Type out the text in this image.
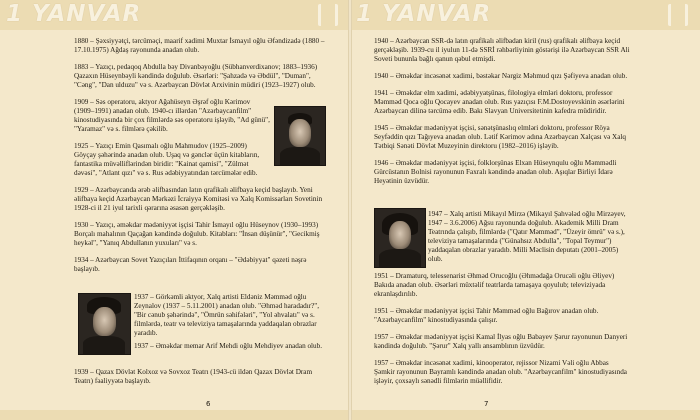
1 YANVAR

1880 – Şəxsiyyətçi, tərcüməçi, maarif xadimi Muxtar İsmayıl oğlu Əfəndizadə (1880 – 17.10.1975) Ağdaş rayonunda anadan olub.

1883 – Yazıçı, pedaqoq Abdulla bəy Divanbəyoğlu (Sübhanverdixanov; 1883–1936) Qazaxın Hüseynbəyli kəndində doğulub. Əsərləri: "Şahzadə və Əbdül", "Duman", "Cəng", "Dan ulduzu" və s. Azərbaycan Dövlət Arxivinin müdiri (1923–1927) olub.

1909 – Səs operatoru, aktyor Ağahüseyn Əşrəf oğlu Kərimov (1909–1991) anadan olub. 1940-cı illərdən "Azərbaycanfilm" kinostudiyasında bir çox filmlərdə səs operatoru işləyib, "Ad günü", "Yaramaz" və s. filmlərə çəkilib.

1925 – Yazıçı Emin Qasımalı oğlu Mahmudov (1925–2009) Göyçay şəhərində anadan olub. Uşaq və gənclər üçün kitabların, fantastika müvəlliflərindən biridir: "Kainat qamisi", "Zülmət dəvəsi", "Atlant qızı" və s. Rus ədəbiyyatından tərcümələr edib.

1929 – Azərbaycanda ərəb əlifbasından latın qrafikalı əlifbaya keçid başlayıb. Yeni əlifbaya keçid Azərbaycan Mərkəzi İcraiyyə Komitəsi və Xalq Komissarları Sovetinin 1928-ci il 21 iyul tarixli qərarına əsasən gerçəkləşib.

1930 – Yazıçı, əməkdar mədəniyyət işçisi Tahir İsmayıl oğlu Hüseynov (1930–1993) Borçalı mahalının Qaçağan kəndində doğulub. Kitabları: "İnsan düşünür", "Gecikmiş heykəl", "Yanıq Abdullanın yuxuları" və s.

1934 – Azərbaycan Sovet Yazıçıları İttifaqının orqanı – "Ədəbiyyat" qəzeti nəşrə başlayıb.

1937 – Görkəmli aktyor, Xalq artisti Eldəniz Məmməd oğlu Zeynalov (1937 – 5.11.2001) anadan olub. "Əhməd haradadır?", "Bir cənub şəhərində", "Ömrün səhifələri", "Yol əhvalatı" və s. filmlərdə, teatr və televiziya tamaşalarında yaddaqalan obrazlar yaradıb.
1937 – Əməkdar memar Arif Mehdi oğlu Mehdiyev anadan olub.
1939 – Qazax Dövlət Kolxoz və Sovxoz Teatrı (1943-cü ildən Qazax Dövlət Dram Teatrı) fəaliyyətə başlayıb.
6
1 YANVAR

1940 – Azərbaycan SSR-də latın qrafikalı əlifbadan kiril (rus) qrafikalı əlifbaya keçid gerçəkləşib. 1939-cu il iyulun 11-də SSRİ rəhbərliyinin göstərişi ilə Azərbaycan SSR Ali Soveti bununla bağlı qanun qəbul etmişdi.

1940 – Əməkdar incəsənət xadimi, bəstəkar Nərgiz Məhmud qızı Şəfiyeva anadan olub.

1941 – Əməkdar elm xadimi, ədəbiyyatşünas, filologiya elmləri doktoru, professor Məmməd Qoca oğlu Qocayev anadan olub. Rus yazıçısı F.M.Dostoyevskinin əsərlərini Azərbaycan dilinə tərcümə edib. Bakı Slavyan Universitetinin kafedra müdiridir.

1945 – Əməkdar mədəniyyət işçisi, sənətşünaslıq elmləri doktoru, professor Röya Seyfəddin qızı Tağıyeva anadan olub. Lətif Kərimov adına Azərbaycan Xalçası və Xalq Tətbiqi Sənəti Dövlət Muzeyinin direktoru (1982–2016) işləyib.

1946 – Əməkdar mədəniyyət işçisi, folklorşünas Elxan Hüseynqulu oğlu Məmmədli Gürcüstanın Bolnisi rayonunun Faxralı kəndində anadan olub. Aşıqlar Birliyi İdarə Heyətinin üzvüdür.

1947 – Xalq artisti Mikayıl Mirzə (Mikayıl Şahvələd oğlu Mirzəyev, 1947 – 3.6.2006) Ağsu rayonunda doğulub. Akademik Milli Dram Teatrında çalışıb, filmlərdə ("Qatır Məmməd", "Üzeyir ömrü" və s.), televiziya tamaşalarında ("Günahsız Abdulla", "Topal Teymur") yaddaqalan obrazlar yaradıb. Milli Məclisin deputatı (2001–2005) olub.

1951 – Dramaturq, telessenarist Əhməd Orucoğlu (Əhmədağa Orucəli oğlu Əliyev) Bakıda anadan olub. Əsərləri müxtəlif teatrlarda tamaşaya qoyulub; televiziyada ekranlaşdırılıb.

1951 – Əməkdar mədəniyyət işçisi Tahir Məmməd oğlu Bağırov anadan olub. "Azərbaycanfilm" kinostudiyasında çalışır.

1957 – Əməkdar mədəniyyət işçisi Kamal İlyas oğlu Babayev Şərur rayonunun Danyeri kəndində doğulub. "Şərur" Xalq yallı ansamblının üzvüdür.

1957 – Əməkdar incəsənət xadimi, kinooperator, rejissor Nizami Vəli oğlu Abbas Şəmkir rayonunun Bayramlı kəndində anadan olub. "Azərbaycanfilm" kinostudiyasında işləyir, çoxsaylı sənədli filmlərin müəllifidir.

7
